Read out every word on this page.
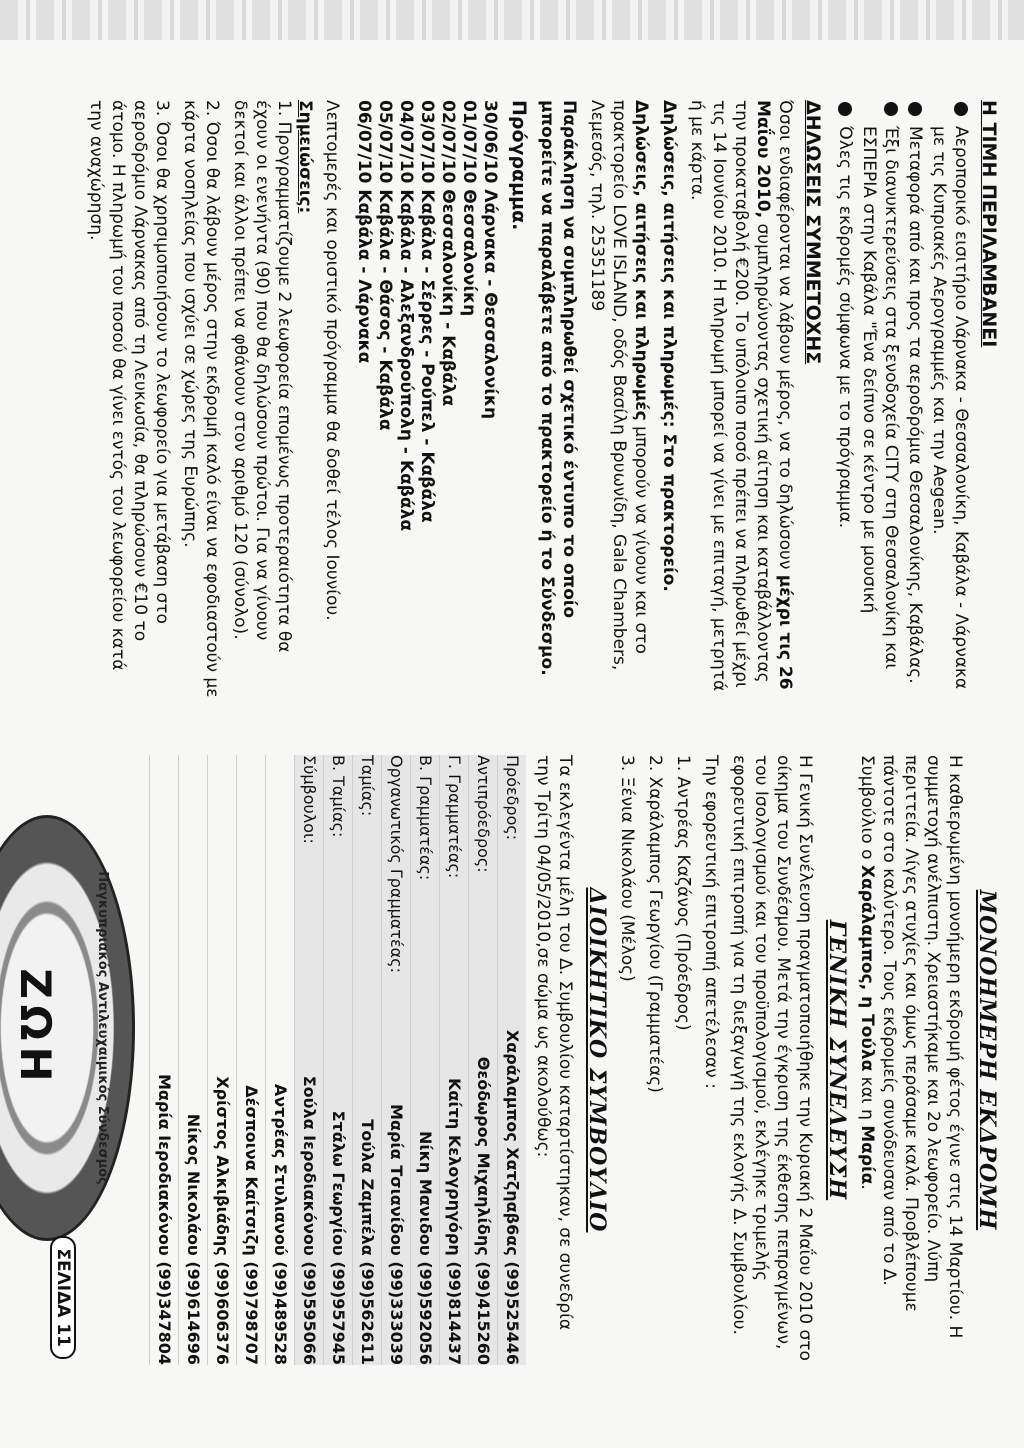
Η ΤΙΜΗ ΠΕΡΙΛΑΜΒΑΝΕΙ
Αεροπορικό εισιτήριο Λάρνακα - Θεσσαλονίκη, Καβάλα - Λάρνακα με τις Κυπριακές Αερογραμμές και την Aegean.
Μεταφορά από και προς τα αεροδρόμια Θεσσαλονίκης, Καβάλας.
Έξι διανυκτερεύσεις στα ξενοδοχεία CITY στη Θεσσαλονίκη και ΕΣΠΕΡΙΑ στην Καβάλα "Ένα δείπνο σε κέντρο με μουσική
Όλες τις εκδρομές σύμφωνα με το πρόγραμμα.
ΔΗΛΩΣΕΙΣ ΣΥΜΜΕΤΟΧΗΣ

Όσοι ενδιαφέρονται να λάβουν μέρος, να το δηλώσουν μέχρι τις 26 Μαΐου 2010, συμπληρώνοντας σχετική αίτηση και καταβάλλοντας την προκαταβολή €200. Το υπόλοιπο ποσό πρέπει να πληρωθεί μέχρι τις 14 Ιουνίου 2010. Η πληρωμή μπορεί να γίνει με επιταγή, μετρητά ή με κάρτα.

Δηλώσεις, αιτήσεις και πληρωμές: Στο πρακτορείο.

Δηλώσεις, αιτήσεις και πληρωμές μπορούν να γίνουν και στο πρακτορείο LOVE ISLAND, οδός Βασίλη Βρυωνίδη, Gala Chambers, Λεμεσός, τηλ. 25351189

Παράκληση να συμπληρωθεί σχετικό έντυπο το οποίο μπορείτε να παραλάβετε από το πρακτορείο ή το Σύνδεσμο.

Πρόγραμμα.
30/06/10 Λάρνακα - Θεσσαλονίκη
01/07/10 Θεσσαλονίκη
02/07/10 Θεσσαλονίκη - Καβάλα
03/07/10 Καβάλα - Σέρρες - Ρούπελ - Καβάλα
04/07/10 Καβάλα - Αλεξανδρούπολη - Καβάλα
05/07/10 Καβάλα - Θάσος - Καβάλα
06/07/10 Καβάλα - Λάρνακα

Λεπτομερές και οριστικό πρόγραμμα θα δοθεί τέλος Ιουνίου.

Σημειώσεις:

1. Προγραμματίζουμε 2 λεωφορεία επομένως προτεραιότητα θα έχουν οι ενενήντα (90) που θα δηλώσουν πρώτοι. Για να γίνουν δεκτοί και άλλοι πρέπει να φθάνουν στον αριθμό 120 (σύνολο).

2. Όσοι θα λάβουν μέρος στην εκδρομή καλό είναι να εφοδιαστούν με κάρτα νοσηλείας που ισχύει σε χώρες της Ευρώπης.

3. Όσοι θα χρησιμοποιήσουν το λεωφορείο για μετάβαση στο αεροδρόμιο Λάρνακας από τη Λευκωσία, θα πληρώσουν €10 το άτομο. Η πληρωμή του ποσού θα γίνει εντός του λεωφορείου κατά την αναχώρηση.

ΜΟΝΟΗΜΕΡΗ ΕΚΔΡΟΜΗ

Η καθιερωμένη μονοήμερη εκδρομή φέτος έγινε στις 14 Μαρτίου. Η συμμετοχή ανέλπιστη. Χρειαστήκαμε και 2ο λεωφορείο. Λύπη περιττεία. Λίγες ατυχίες και όμως περάσαμε καλά. Προβλέπουμε πάντοτε στο καλύτερο. Τους εκδρομείς συνόδευσαν από το Δ. Συμβούλιο ο Χαράλαμπος, η Τούλα και η Μαρία.

ΓΕΝΙΚΗ ΣΥΝΕΛΕΥΣΗ

Η Γενική Συνέλευση πραγματοποιήθηκε την Κυριακή 2 Μαΐου 2010 στο οίκημα του Συνδέσμου. Μετά την έγκριση της έκθεσης πεπραγμένων, του Ισολογισμού και του προϋπολογισμού, εκλέγηκε τριμελής εφορευτική επιτροπή για τη διεξαγωγή της εκλογής Δ. Συμβουλίου.

Την εφορευτική επιτροπή απετέλεσαν :

1. Αντρέας Καζάνος (Πρόεδρος)

2. Χαράλαμπος Γεωργίου (Γραμματέας)

3. Ξένια Νικολάου (Μέλος)

ΔΙΟΙΚΗΤΙΚΟ ΣΥΜΒΟΥΛΙΟ

Τα εκλεγέντα μέλη του Δ. Συμβουλίου καταρτίστηκαν, σε συνεδρία την Τρίτη 04/05/2010,σε σώμα ως ακολούθως:

Πρόεδρος:	Χαράλαμπος Χατζηαβ6ας (99)525446
Αντιπρόεδρος:	Θεόδωρος Μιχαηλίδης (99)415260
Γ. Γραμματέας:	Καίτη Κελογρηγόρη (99)814437
Β. Γραμματέας:	Νίκη Μανιδου (99)592056
Οργανωτικός Γραμματέας:	Μαρία Τσιανίδου (99)333039
Ταμίας:	Τούλα Ζαμπέλα (99)562611
Β. Ταμίας:	Στάλω Γεωργίου (99)957945
Σύμβουλοι:	Σούλα Ιεροδιακόνου (99)595066
	Αντρέας Στυλιανού (99)489528
	Δέσποινα Καίτσιζη (99)798707
	Χρίστος Αλκιβιάδης (99)606376
	Νίκος Νικολάου (99)614696
	Μαρία Ιεροδιακόνου (99)347804
Παγκυπριακός Αντιλευχαιμικός Σύνδεσμος
ΖΩΗ
ΣΕΛΙΔΑ 11
